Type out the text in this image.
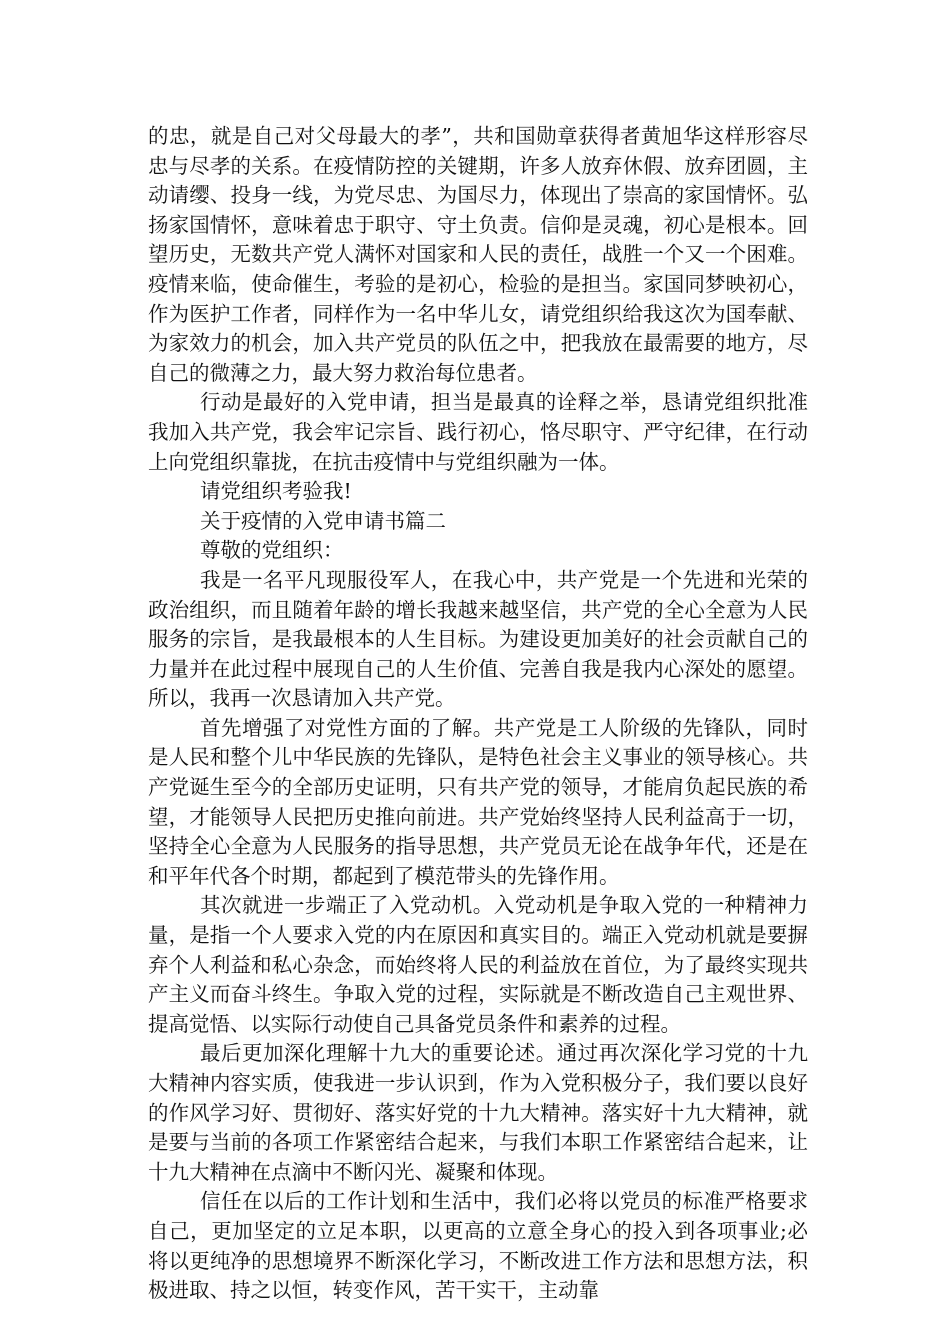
的忠，就是自己对父母最大的孝”，共和国勋章获得者黄旭华这样形容尽忠与尽孝的关系。在疫情防控的关键期，许多人放弃休假、放弃团圆，主动请缨、投身一线，为党尽忠、为国尽力，体现出了崇高的家国情怀。弘扬家国情怀，意味着忠于职守、守土负责。信仰是灵魂，初心是根本。回望历史，无数共产党人满怀对国家和人民的责任，战胜一个又一个困难。疫情来临，使命催生，考验的是初心，检验的是担当。家国同梦映初心，作为医护工作者，同样作为一名中华儿女，请党组织给我这次为国奉献、为家效力的机会，加入共产党员的队伍之中，把我放在最需要的地方，尽自己的微薄之力，最大努力救治每位患者。

行动是最好的入党申请，担当是最真的诠释之举，恳请党组织批准我加入共产党，我会牢记宗旨、践行初心，恪尽职守、严守纪律，在行动上向党组织靠拢，在抗击疫情中与党组织融为一体。

请党组织考验我!

关于疫情的入党申请书篇二

尊敬的党组织：

我是一名平凡现服役军人，在我心中，共产党是一个先进和光荣的政治组织，而且随着年龄的增长我越来越坚信，共产党的全心全意为人民服务的宗旨，是我最根本的人生目标。为建设更加美好的社会贡献自己的力量并在此过程中展现自己的人生价值、完善自我是我内心深处的愿望。所以，我再一次恳请加入共产党。

首先增强了对党性方面的了解。共产党是工人阶级的先锋队，同时是人民和整个儿中华民族的先锋队，是特色社会主义事业的领导核心。共产党诞生至今的全部历史证明，只有共产党的领导，才能肩负起民族的希望，才能领导人民把历史推向前进。共产党始终坚持人民利益高于一切，坚持全心全意为人民服务的指导思想，共产党员无论在战争年代，还是在和平年代各个时期，都起到了模范带头的先锋作用。

其次就进一步端正了入党动机。入党动机是争取入党的一种精神力量，是指一个人要求入党的内在原因和真实目的。端正入党动机就是要摒弃个人利益和私心杂念，而始终将人民的利益放在首位，为了最终实现共产主义而奋斗终生。争取入党的过程，实际就是不断改造自己主观世界、提高觉悟、以实际行动使自己具备党员条件和素养的过程。

最后更加深化理解十九大的重要论述。通过再次深化学习党的十九大精神内容实质，使我进一步认识到，作为入党积极分子，我们要以良好的作风学习好、贯彻好、落实好党的十九大精神。落实好十九大精神，就是要与当前的各项工作紧密结合起来，与我们本职工作紧密结合起来，让十九大精神在点滴中不断闪光、凝聚和体现。

信任在以后的工作计划和生活中，我们必将以党员的标准严格要求自己，更加坚定的立足本职，以更高的立意全身心的投入到各项事业;必将以更纯净的思想境界不断深化学习，不断改进工作方法和思想方法，积极进取、持之以恒，转变作风，苦干实干，主动靠
